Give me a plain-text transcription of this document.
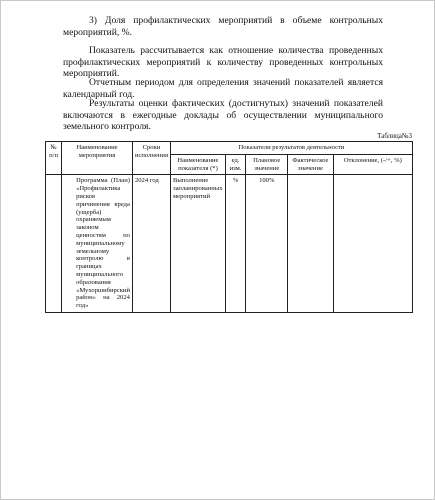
3) Доля профилактических мероприятий в объеме контрольных мероприятий, %.
Показатель рассчитывается как отношение количества проведенных профилактических мероприятий к количеству проведенных контрольных мероприятий.
Отчетным периодом для определения значений показателей является календарный год.
Результаты оценки фактических (достигнутых) значений показателей включаются в ежегодные доклады об осуществлении муниципального земельного контроля.
Таблица№3
№ п/п	Наименование мероприятия	Сроки исполнения	Показатели результатов деятельности				
			Наименование показателя (*)	ед. изм.	Плановое значение	Фактическое значение	Отклонение, (-/+, %)
	Программа (План) «Профилактика рисков причинения вреда (ущерба) охраняемым законом ценностям по муниципальному земельному контролю в границах муниципального образования «Мухоршибирский район» на 2024 год»	2024 год	Выполнение запланированных мероприятий	%	100%		
